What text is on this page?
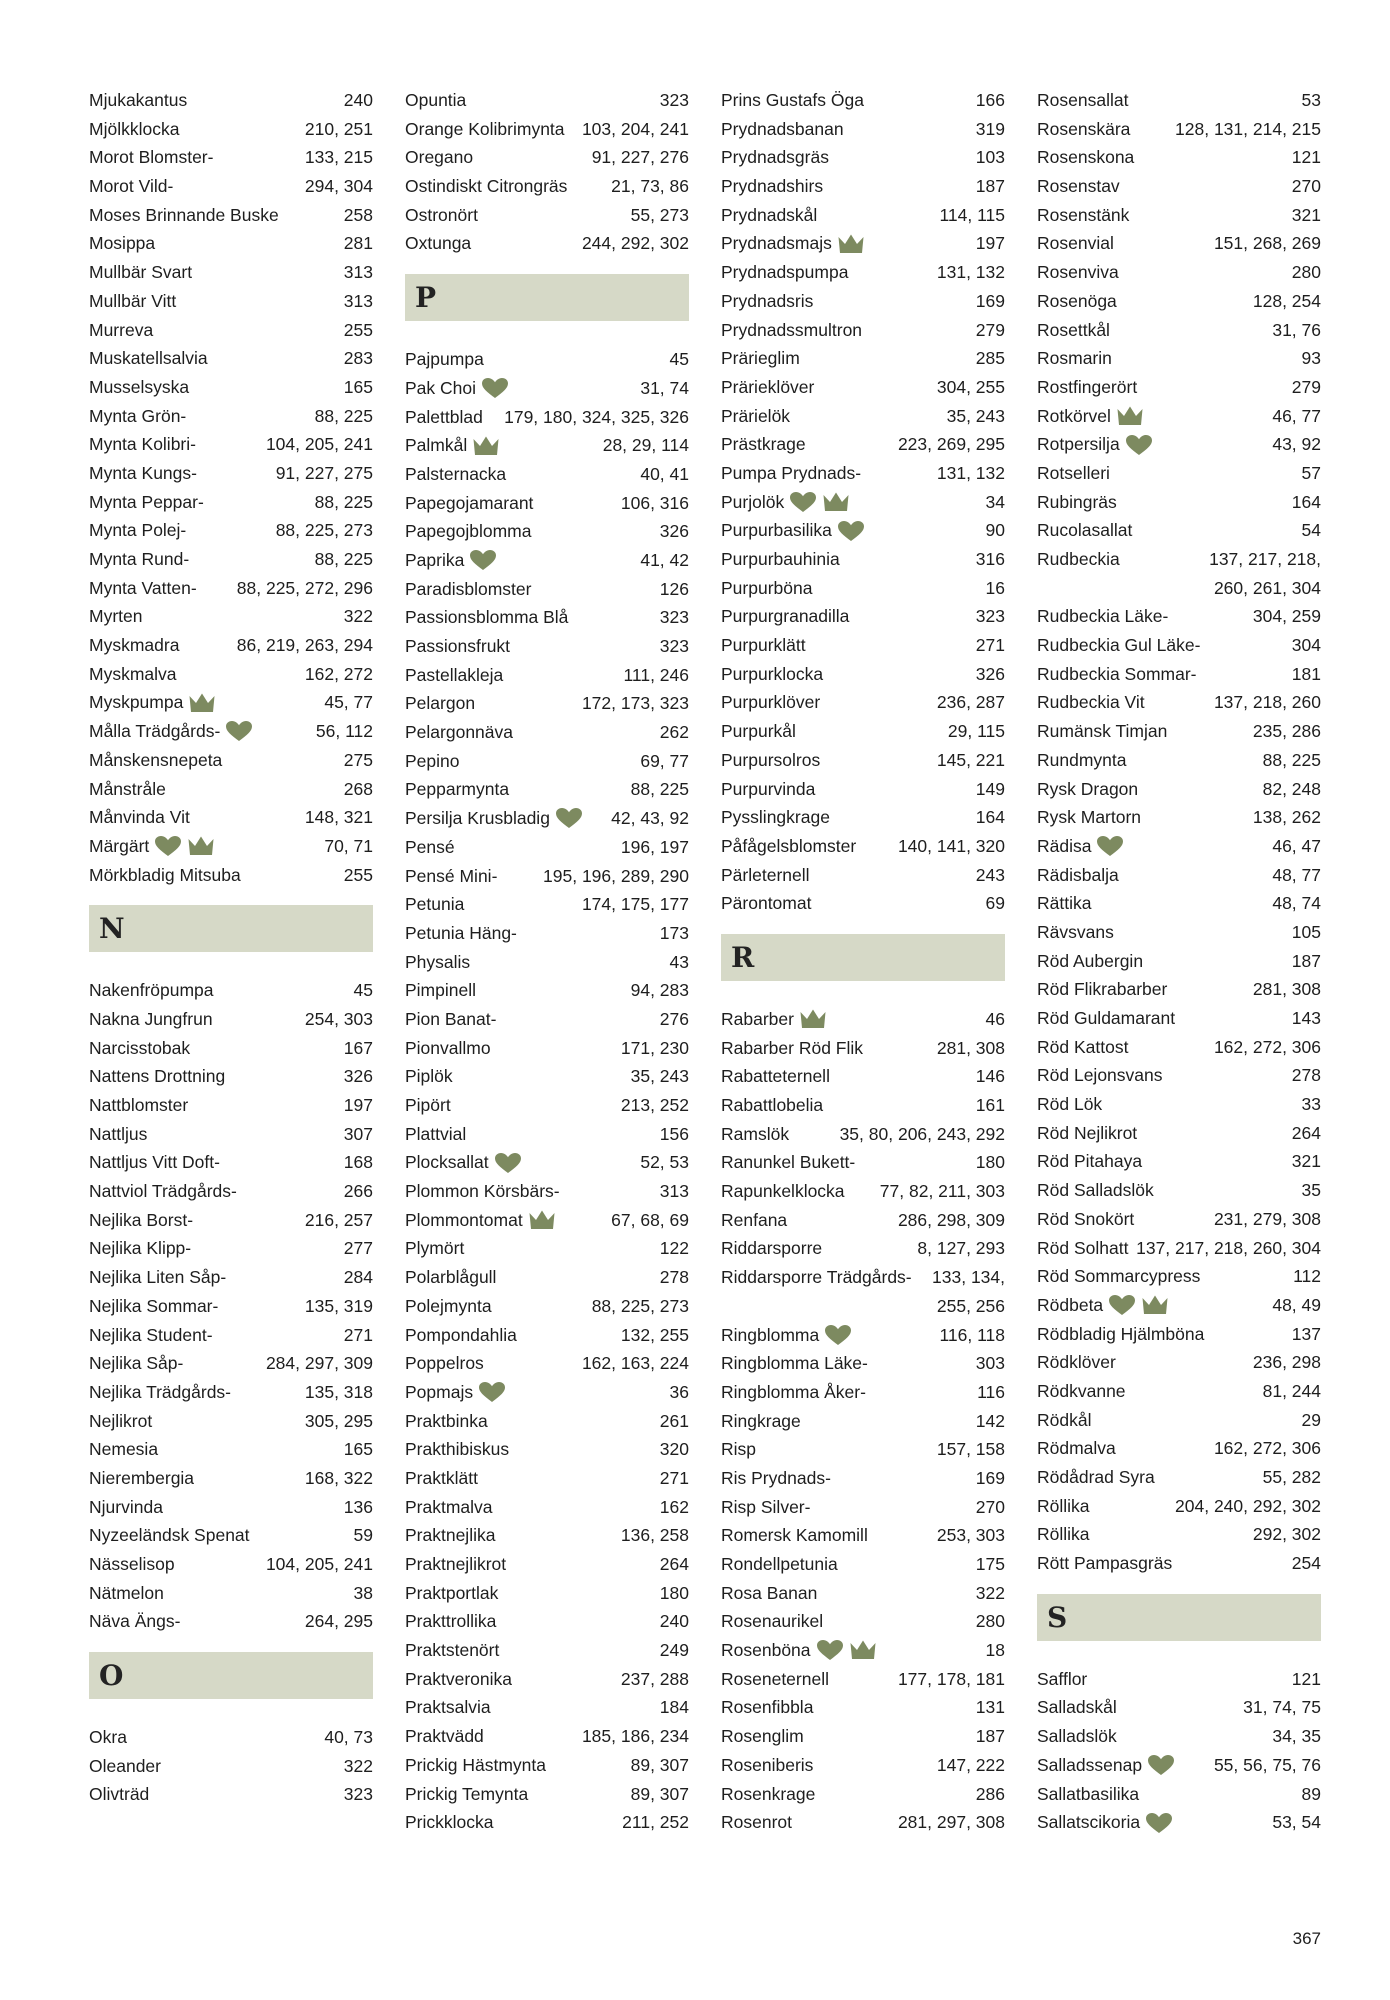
Mjukakantus	240
Mjölkklocka	210, 251
Morot Blomster-	133, 215
Morot Vild-	294, 304
Moses Brinnande Buske	258
Mosippa	281
Mullbär Svart	313
Mullbär Vitt	313
Murreva	255
Muskatellsalvia	283
Musselsyska	165
Mynta Grön-	88, 225
Mynta Kolibri-	104, 205, 241
Mynta Kungs-	91, 227, 275
Mynta Peppar-	88, 225
Mynta Polej-	88, 225, 273
Mynta Rund-	88, 225
Mynta Vatten- 88, 225, 272, 296
Myrten	322
Myskmadra	86, 219, 263, 294
Myskmalva	162, 272
Myskpumpa	45, 77
Målla Trädgårds-	56, 112
Månskensnepeta	275
Månstråle	268
Månvinda Vit	148, 321
Märgärt	70, 71
Mörkbladig Mitsuba	255
N
Nakenfröpumpa	45
Nakna Jungfrun	254, 303
Narcisstobak	167
Nattens Drottning	326
Nattblomster	197
Nattljus	307
Nattljus Vitt Doft-	168
Nattviol Trädgårds-	266
Nejlika Borst-	216, 257
Nejlika Klipp-	277
Nejlika Liten Såp-	284
Nejlika Sommar-	135, 319
Nejlika Student-	271
Nejlika Såp-	284, 297, 309
Nejlika Trädgårds-	135, 318
Nejlikrot	305, 295
Nemesia	165
Nierembergia	168, 322
Njurvinda	136
Nyzeeländsk Spenat	59
Nässelisop	104, 205, 241
Nätmelon	38
Näva Ängs-	264, 295
O
Okra	40, 73
Oleander	322
Olivträd	323
Opuntia	323
Orange Kolibrimynta 103, 204, 241
Oregano	91, 227, 276
Ostindiskt Citrongräs 21, 73, 86
Ostronört	55, 273
Oxtunga	244, 292, 302
P
Pajpumpa	45
Pak Choi	31, 74
Palettblad 179, 180, 324, 325, 326
Palmkål	28, 29, 114
Palsternacka	40, 41
Papegojamarant	106, 316
Papegojblomma	326
Paprika	41, 42
Paradisblomster	126
Passionsblomma Blå	323
Passionsfrukt	323
Pastellakleja	111, 246
Pelargon	172, 173, 323
Pelargonnäva	262
Pepino	69, 77
Pepparmynta	88, 225
Persilja Krusbladig	42, 43, 92
Pensé	196, 197
Pensé Mini-	195, 196, 289, 290
Petunia	174, 175, 177
Petunia Häng-	173
Physalis	43
Pimpinell	94, 283
Pion Banat-	276
Pionvallmo	171, 230
Piplök	35, 243
Pipört	213, 252
Plattvial	156
Plocksallat	52, 53
Plommon Körsbärs-	313
Plommontomat	67, 68, 69
Plymört	122
Polarblågull	278
Polejmynta	88, 225, 273
Pompondahlia	132, 255
Poppelros	162, 163, 224
Popmajs	36
Praktbinka	261
Prakthibiskus	320
Praktklätt	271
Praktmalva	162
Praktnejlika	136, 258
Praktnejlikrot	264
Praktportlak	180
Prakttrollika	240
Praktstenört	249
Praktveronika	237, 288
Praktsalvia	184
Praktvädd	185, 186, 234
Prickig Hästmynta	89, 307
Prickig Temynta	89, 307
Prickklocka	211, 252
Prins Gustafs Öga	166
Prydnadsbanan	319
Prydnadsgräs	103
Prydnadshirs	187
Prydnadskål	114, 115
Prydnadsmajs	197
Prydnadspumpa	131, 132
Prydnadsris	169
Prydnadssmultron	279
Prärieglim	285
Präriеklöver	304, 255
Prärielök	35, 243
Prästkrage	223, 269, 295
Pumpa Prydnads-	131, 132
Purjolök	34
Purpurbasilika	90
Purpurbauhinia	316
Purpurböna	16
Purpurgranadilla	323
Purpurklätt	271
Purpurklocka	326
Purpurklöver	236, 287
Purpurkål	29, 115
Purpursolros	145, 221
Purpurvinda	149
Pysslingkrage	164
Påfågelsblomster 140, 141, 320
Pärleternell	243
Pärontomat	69
R
Rabarber	46
Rabarber Röd Flik	281, 308
Rabatteternell	146
Rabattlobelia	161
Ramslök	35, 80, 206, 243, 292
Ranunkel Bukett-	180
Rapunkelklocka 77, 82, 211, 303
Renfana	286, 298, 309
Riddarsporre	8, 127, 293
Riddarsporre Trädgårds- 133, 134,
255, 256
Ringblomma	116, 118
Ringblomma Läke-	303
Ringblomma Åker-	116
Ringkrage	142
Risp	157, 158
Ris Prydnads-	169
Risp Silver-	270
Romersk Kamomill	253, 303
Rondellpetunia	175
Rosa Banan	322
Rosenaurikel	280
Rosenböna	18
Roseneternell	177, 178, 181
Rosenfibbla	131
Rosenglim	187
Roseniberis	147, 222
Rosenkrage	286
Rosenrot	281, 297, 308
Rosensallat	53
Rosenskära	128, 131, 214, 215
Rosenskona	121
Rosenstav	270
Rosenstänk	321
Rosenvial	151, 268, 269
Rosenviva	280
Rosenöga	128, 254
Rosettkål	31, 76
Rosmarin	93
Rostfingerört	279
Rotkörvel	46, 77
Rotpersilja	43, 92
Rotselleri	57
Rubingräs	164
Rucolasallat	54
Rudbeckia	137, 217, 218,
260, 261, 304
Rudbeckia Läke-	304, 259
Rudbeckia Gul Läke-	304
Rudbeckia Sommar-	181
Rudbeckia Vit	137, 218, 260
Rumänsk Timjan	235, 286
Rundmynta	88, 225
Rysk Dragon	82, 248
Rysk Martorn	138, 262
Rädisa	46, 47
Rädisbalja	48, 77
Rättika	48, 74
Rävsvans	105
Röd Aubergin	187
Röd Flikrabarber	281, 308
Röd Guldamarant	143
Röd Kattost	162, 272, 306
Röd Lejonsvans	278
Röd Lök	33
Röd Nejlikrot	264
Röd Pitahaya	321
Röd Salladslök	35
Röd Snokört	231, 279, 308
Röd Solhatt 137, 217, 218, 260, 304
Röd Sommarcypress	112
Rödbeta	48, 49
Rödbladig Hjälmböna	137
Rödklöver	236, 298
Rödkvanne	81, 244
Rödkål	29
Rödmalva	162, 272, 306
Rödådrad Syra	55, 282
Röllika	204, 240, 292, 302
Röllika	292, 302
Rött Pampasgräs	254
S
Safflor	121
Salladskål	31, 74, 75
Salladslök	34, 35
Salladssenap	55, 56, 75, 76
Sallatbasilika	89
Sallatscikoria	53, 54
367
